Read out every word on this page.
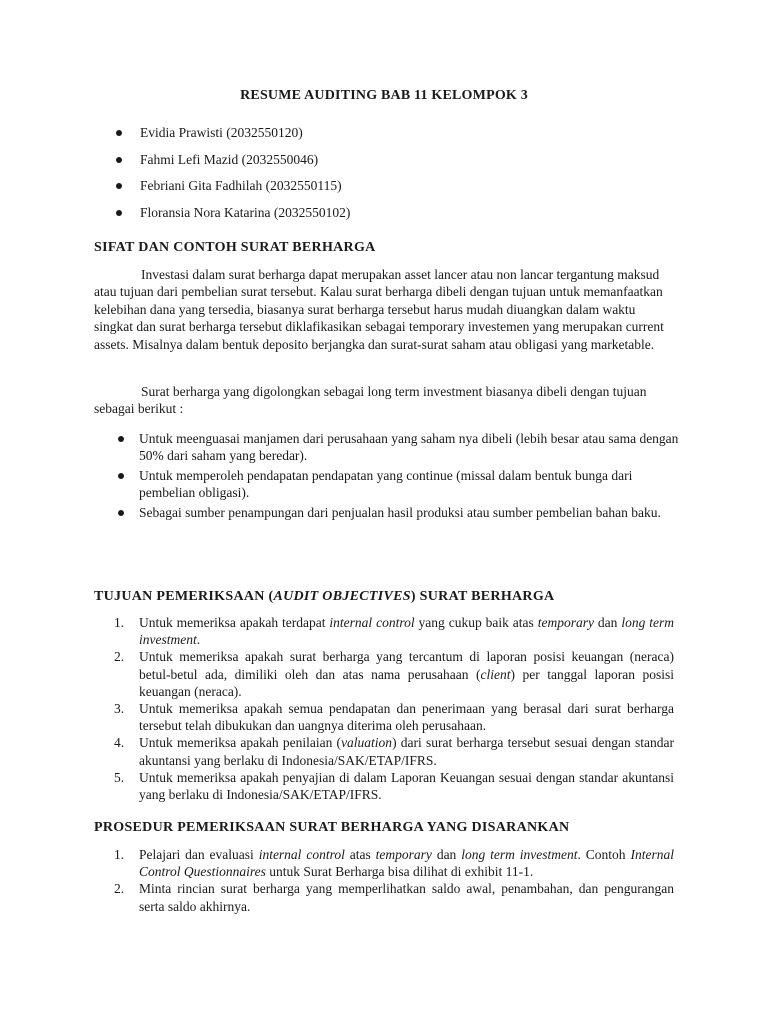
RESUME AUDITING BAB 11 KELOMPOK 3
Evidia Prawisti (2032550120)
Fahmi Lefi Mazid (2032550046)
Febriani Gita Fadhilah (2032550115)
Floransia Nora Katarina (2032550102)
SIFAT DAN CONTOH SURAT BERHARGA

Investasi dalam surat berharga dapat merupakan asset lancer atau non lancar tergantung maksud atau tujuan dari pembelian surat tersebut. Kalau surat berharga dibeli dengan tujuan untuk memanfaatkan kelebihan dana yang tersedia, biasanya surat berharga tersebut harus mudah diuangkan dalam waktu singkat dan surat berharga tersebut diklafikasikan sebagai temporary investemen yang merupakan current assets. Misalnya dalam bentuk deposito berjangka dan surat-surat saham atau obligasi yang marketable.

Surat berharga yang digolongkan sebagai long term investment biasanya dibeli dengan tujuan sebagai berikut :

Untuk meenguasai manjamen dari perusahaan yang saham nya dibeli (lebih besar atau sama dengan 50% dari saham yang beredar).
Untuk memperoleh pendapatan pendapatan yang continue (missal dalam bentuk bunga dari pembelian obligasi).
Sebagai sumber penampungan dari penjualan hasil produksi atau sumber pembelian bahan baku.
TUJUAN PEMERIKSAAN (AUDIT OBJECTIVES) SURAT BERHARGA
1. Untuk memeriksa apakah terdapat internal control yang cukup baik atas temporary dan long term investment.
2. Untuk memeriksa apakah surat berharga yang tercantum di laporan posisi keuangan (neraca) betul-betul ada, dimiliki oleh dan atas nama perusahaan (client) per tanggal laporan posisi keuangan (neraca).
3. Untuk memeriksa apakah semua pendapatan dan penerimaan yang berasal dari surat berharga tersebut telah dibukukan dan uangnya diterima oleh perusahaan.
4. Untuk memeriksa apakah penilaian (valuation) dari surat berharga tersebut sesuai dengan standar akuntansi yang berlaku di Indonesia/SAK/ETAP/IFRS.
5. Untuk memeriksa apakah penyajian di dalam Laporan Keuangan sesuai dengan standar akuntansi yang berlaku di Indonesia/SAK/ETAP/IFRS.
PROSEDUR PEMERIKSAAN SURAT BERHARGA YANG DISARANKAN
1. Pelajari dan evaluasi internal control atas temporary dan long term investment. Contoh Internal Control Questionnaires untuk Surat Berharga bisa dilihat di exhibit 11-1.
2. Minta rincian surat berharga yang memperlihatkan saldo awal, penambahan, dan pengurangan serta saldo akhirnya.
